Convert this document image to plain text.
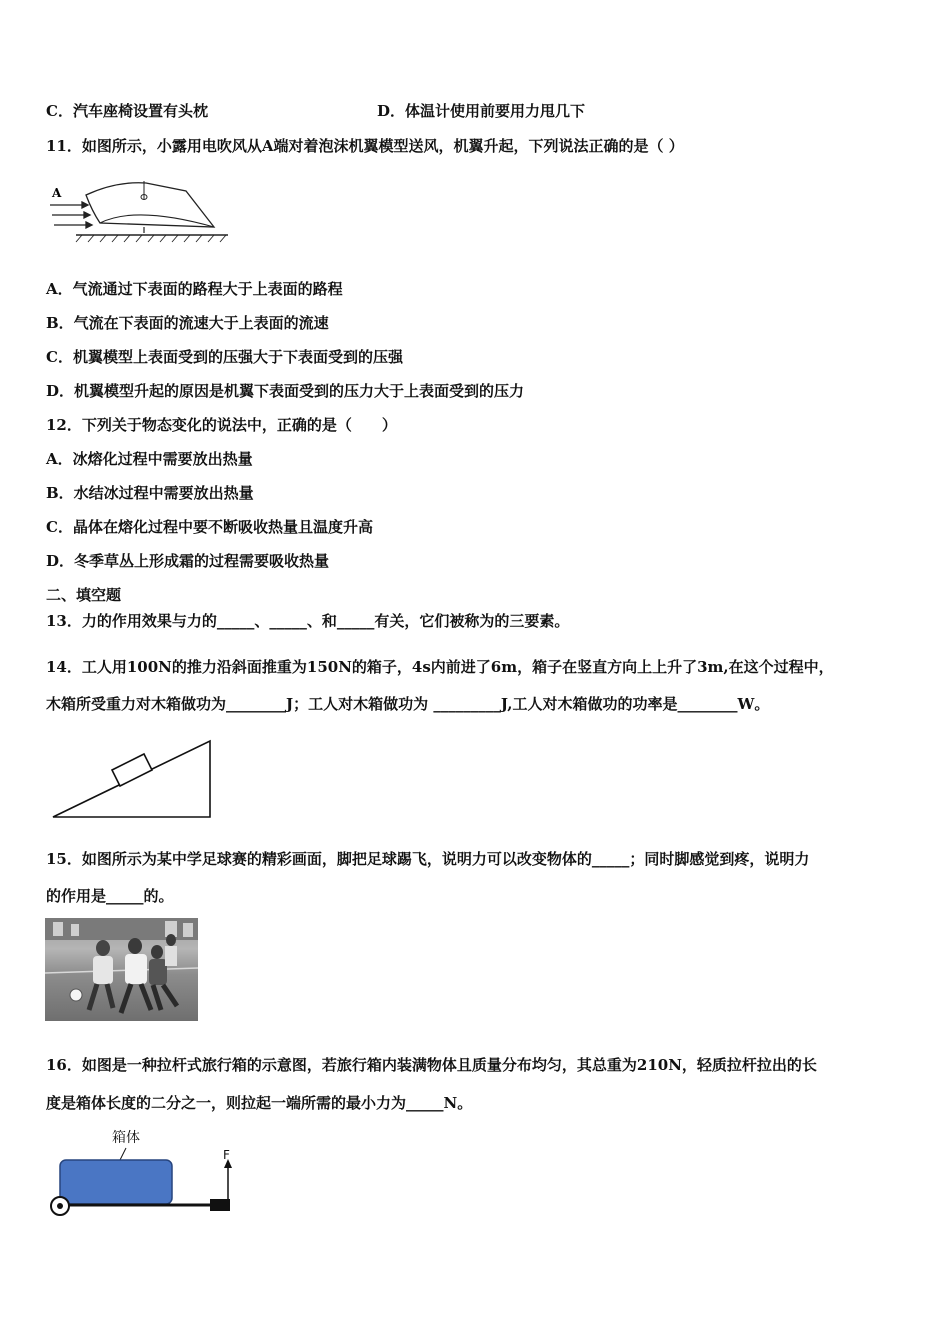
C．汽车座椅设置有头枕	D．体温计使用前要用力甩几下
11．如图所示，小露用电吹风从A端对着泡沫机翼模型送风，机翼升起，下列说法正确的是（ ）
A
A．气流通过下表面的路程大于上表面的路程
B．气流在下表面的流速大于上表面的流速
C．机翼模型上表面受到的压强大于下表面受到的压强
D．机翼模型升起的原因是机翼下表面受到的压力大于上表面受到的压力
12．下列关于物态变化的说法中，正确的是（　　）
A．冰熔化过程中需要放出热量
B．水结冰过程中需要放出热量
C．晶体在熔化过程中要不断吸收热量且温度升高
D．冬季草丛上形成霜的过程需要吸收热量
二、填空题
13．力的作用效果与力的_____、_____、和_____有关，它们被称为的三要素。
14．工人用100N的推力沿斜面推重为150N的箱子，4s内前进了6m，箱子在竖直方向上上升了3m,在这个过程中，
木箱所受重力对木箱做功为________J；工人对木箱做功为 _________J,工人对木箱做功的功率是________W。
15．如图所示为某中学足球赛的精彩画面，脚把足球踢飞，说明力可以改变物体的_____；同时脚感觉到疼，说明力
的作用是_____的。
16．如图是一种拉杆式旅行箱的示意图，若旅行箱内装满物体且质量分布均匀，其总重为210N，轻质拉杆拉出的长
度是箱体长度的二分之一，则拉起一端所需的最小力为_____N。
箱体
F
